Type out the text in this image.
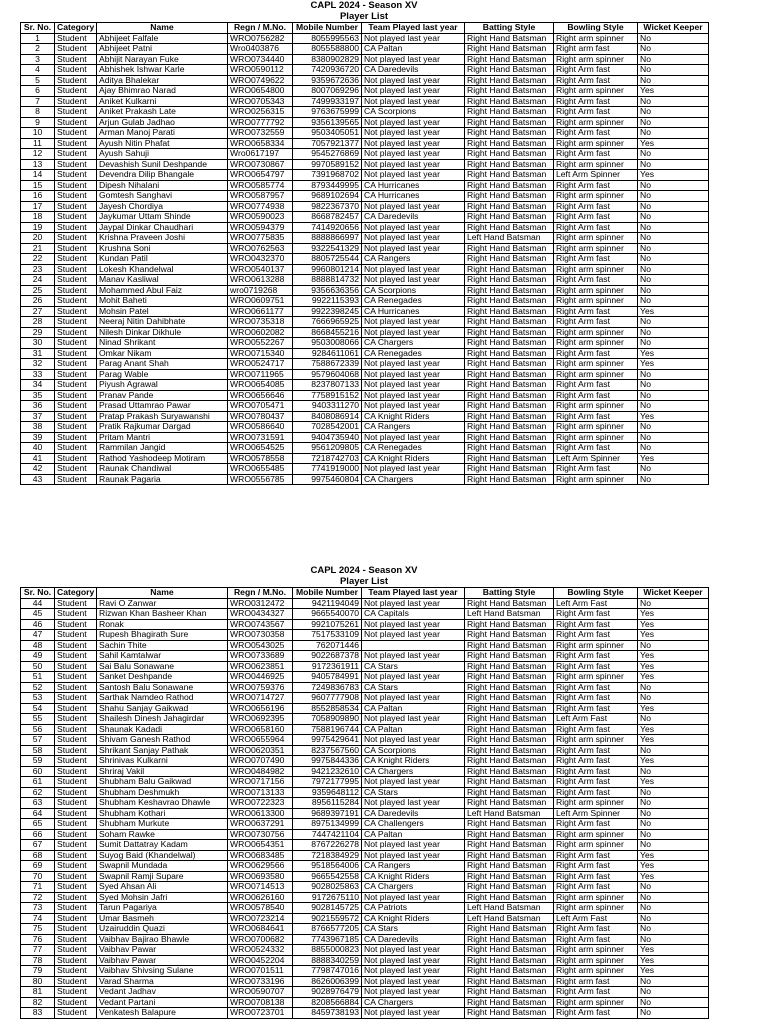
CAPL 2024 - Season XV
Player List
Sr. No.	Category	Name	Regn / M.No.	Mobile Number	Team Played last year	Batting Style	Bowling Style	Wicket Keeper
1	Student	Abhijeet Falfale	WRO0756282	8055995563	Not played last year	Right Hand Batsman	Right arm spinner	No
2	Student	Abhijeet Patni	Wro0403876	8055588800	CA Paltan	Right Hand Batsman	Right arm fast	No
3	Student	Abhijit Narayan Fuke	WRO0734440	8380902829	Not played last year	Right Hand Batsman	Right arm spinner	No
4	Student	Abhishek Ishwar Karle	WRO0590112	7420936720	CA Daredevils	Right Hand Batsman	Right Arm fast	No
5	Student	Aditya Bhalekar	WRO0749622	9359672636	Not played last year	Right Hand Batsman	Right Arm fast	No
6	Student	Ajay Bhimrao Narad	WRO0654800	8007069296	Not played last year	Right Hand Batsman	Right arm spinner	Yes
7	Student	Aniket Kulkarni	WRO0705343	7499933197	Not played last year	Right Hand Batsman	Right Arm fast	No
8	Student	Aniket Prakash Late	WRO0256315	9763675999	CA Scorpions	Right Hand Batsman	Right Arm fast	No
9	Student	Arjun Gulab Jadhao	WRO0777792	9356139565	Not played last year	Right Hand Batsman	Right arm spinner	No
10	Student	Arman Manoj Parati	WRO0732559	9503405051	Not played last year	Right Hand Batsman	Right Arm fast	No
11	Student	Ayush Nitin Phafat	WRO0658334	7057921377	Not played last year	Right Hand Batsman	Right arm spinner	Yes
12	Student	Ayush Sahuji	Wro0617197	9545276869	Not played last year	Right Hand Batsman	Right Arm fast	No
13	Student	Devashish Sunil Deshpande	WRO0730867	9970589152	Not played last year	Right Hand Batsman	Right arm spinner	No
14	Student	Devendra Dilip Bhangale	WRO0654797	7391968702	Not played last year	Right Hand Batsman	Left Arm Spinner	Yes
15	Student	Dipesh Nihalani	WRO0585774	8793449995	CA Hurricanes	Right Hand Batsman	Right Arm fast	No
16	Student	Gomtesh Sanghavi	WRO0587957	9689102694	CA Hurricanes	Right Hand Batsman	Right arm spinner	No
17	Student	Jayesh Chordiya	WRO0774938	9822367370	Not played last year	Right Hand Batsman	Right Arm fast	No
18	Student	Jaykumar Uttam Shinde	WRO0590023	8668782457	CA Daredevils	Right Hand Batsman	Right Arm fast	No
19	Student	Jaypal Dinkar Chaudhari	WRO0594379	7414920656	Not played last year	Right Hand Batsman	Right Arm fast	No
20	Student	Krishna Praveen Joshi	WRO0775835	8888866997	Not played last year	Left Hand Batsman	Right arm spinner	No
21	Student	Krushna Soni	WRO0762563	9322541329	Not played last year	Right Hand Batsman	Right arm spinner	No
22	Student	Kundan Patil	WRO0432370	8805725544	CA Rangers	Right Hand Batsman	Right Arm fast	No
23	Student	Lokesh Khandelwal	WRO0540137	9960801214	Not played last year	Right Hand Batsman	Right arm spinner	No
24	Student	Manav Kasliwal	WRO0613288	8888814732	Not played last year	Right Hand Batsman	Right Arm fast	No
25	Student	Mohammed Abul Faiz	wro0719268	9356636356	CA Scorpions	Right Hand Batsman	Right arm spinner	No
26	Student	Mohit Baheti	WRO0609751	9922115393	CA Renegades	Right Hand Batsman	Right arm spinner	No
27	Student	Mohsin Patel	WRO0661177	9922398245	CA Hurricanes	Right Hand Batsman	Right Arm fast	Yes
28	Student	Neeraj Nitin Dahibhate	WRO0735318	7666965925	Not played last year	Right Hand Batsman	Right Arm fast	No
29	Student	Nilesh Dinkar Dikhule	WRO0602082	8668455216	Not played last year	Right Hand Batsman	Right arm spinner	No
30	Student	Ninad Shrikant	WRO0552267	9503008066	CA Chargers	Right Hand Batsman	Right arm spinner	No
31	Student	Omkar Nikam	WRO0715340	9284611061	CA Renegades	Right Hand Batsman	Right Arm fast	Yes
32	Student	Parag Anant Shah	WRO0524717	7588672339	Not played last year	Right Hand Batsman	Right arm spinner	Yes
33	Student	Parag Wable	WRO0711965	9579604068	Not played last year	Right Hand Batsman	Right arm spinner	No
34	Student	Piyush Agrawal	WRO0654085	8237807133	Not played last year	Right Hand Batsman	Right Arm fast	No
35	Student	Pranav Pande	WRO0656646	7758915152	Not played last year	Right Hand Batsman	Right Arm fast	No
36	Student	Prasad Uttamrao Pawar	WRO0705471	9403311270	Not played last year	Right Hand Batsman	Right arm spinner	No
37	Student	Pratap Prakash Suryawanshi	WRO0780437	8408086914	CA Knight Riders	Right Hand Batsman	Right Arm fast	Yes
38	Student	Pratik Rajkumar Dargad	WRO0586640	7028542001	CA Rangers	Right Hand Batsman	Right arm spinner	No
39	Student	Pritam Mantri	WRO0731591	9404735940	Not played last year	Right Hand Batsman	Right arm spinner	No
40	Student	Rammilan Jangid	WRO0654525	9561209805	CA Renegades	Right Hand Batsman	Right Arm fast	No
41	Student	Rathod Yashodeep Motiram	WRO0578558	7218742703	CA Knight Riders	Right Hand Batsman	Left Arm Spinner	Yes
42	Student	Raunak Chandiwal	WRO0655485	7741919000	Not played last year	Right Hand Batsman	Right Arm fast	No
43	Student	Raunak Pagaria	WRO0556785	9975460804	CA Chargers	Right Hand Batsman	Right arm spinner	No
CAPL 2024 - Season XV
Player List
Sr. No.	Category	Name	Regn / M.No.	Mobile Number	Team Played last year	Batting Style	Bowling Style	Wicket Keeper
44	Student	Ravi O Zanwar	WRO0312472	9421194049	Not played last year	Right Hand Batsman	Left Arm Fast	No
45	Student	Rizwan Khan Basheer Khan	WRO0434327	9665540070	CA Capitals	Left Hand Batsman	Right Arm fast	Yes
46	Student	Ronak	WRO0743567	9921075261	Not played last year	Right Hand Batsman	Right Arm fast	Yes
47	Student	Rupesh Bhagirath Sure	WRO0730358	7517533109	Not played last year	Right Hand Batsman	Right Arm fast	Yes
48	Student	Sachin Thite	WRO0543025	762071446		Right Hand Batsman	Right arm spinner	No
49	Student	Sahil Kamtalwar	WRO0733689	9022687378	Not played last year	Right Hand Batsman	Right Arm fast	Yes
50	Student	Sai Balu Sonawane	WRO0623851	9172361911	CA Stars	Right Hand Batsman	Right Arm fast	Yes
51	Student	Sanket Deshpande	WRO0446925	9405784991	Not played last year	Right Hand Batsman	Right arm spinner	Yes
52	Student	Santosh Balu Sonawane	WRO0759376	7249836783	CA Stars	Right Hand Batsman	Right Arm fast	No
53	Student	Sarthak Namdeo Rathod	WRO0714727	9607777908	Not played last year	Right Hand Batsman	Right Arm fast	No
54	Student	Shahu Sanjay Gaikwad	WRO0656196	8552858534	CA Paltan	Right Hand Batsman	Right Arm fast	Yes
55	Student	Shailesh Dinesh Jahagirdar	WRO0692395	7058909890	Not played last year	Right Hand Batsman	Left Arm Fast	No
56	Student	Shaunak Kadadi	WRO0658160	7588196744	CA Paltan	Right Hand Batsman	Right Arm fast	Yes
57	Student	Shivam Ganesh Rathod	WRO0655964	9975429641	Not played last year	Right Hand Batsman	Right arm spinner	Yes
58	Student	Shrikant Sanjay Pathak	WRO0620351	8237567560	CA Scorpions	Right Hand Batsman	Right Arm fast	No
59	Student	Shrinivas Kulkarni	WRO0707490	9975844336	CA Knight Riders	Right Hand Batsman	Right Arm fast	Yes
60	Student	Shriraj Vakil	WRO0484982	9421232610	CA Chargers	Right Hand Batsman	Right Arm fast	No
61	Student	Shubham Balu Gaikwad	WRO0717156	7972177995	Not played last year	Right Hand Batsman	Right Arm fast	Yes
62	Student	Shubham Deshmukh	WRO0713133	9359648112	CA Stars	Right Hand Batsman	Right Arm fast	No
63	Student	Shubham Keshavrao Dhawle	WRO0722323	8956115284	Not played last year	Right Hand Batsman	Right arm spinner	No
64	Student	Shubham Kothari	WRO0613300	9689397191	CA Daredevils	Left Hand Batsman	Left Arm Spinner	No
65	Student	Shubham Murkute	WRO0637291	8975134999	CA Challengers	Right Hand Batsman	Right Arm fast	No
66	Student	Soham Rawke	WRO0730756	7447421104	CA Paltan	Right Hand Batsman	Right arm spinner	No
67	Student	Sumit Dattatray Kadam	WRO0654351	8767226278	Not played last year	Right Hand Batsman	Right arm spinner	No
68	Student	Suyog Baid (Khandelwal)	WRO0683485	7218384929	Not played last year	Right Hand Batsman	Right Arm fast	Yes
69	Student	Swapnil Mundada	WRO0629566	9518564006	CA Rangers	Right Hand Batsman	Right Arm fast	Yes
70	Student	Swapnil Ramji Supare	WRO0693580	9665542558	CA Knight Riders	Right Hand Batsman	Right Arm fast	Yes
71	Student	Syed Ahsan Ali	WRO0714513	9028025863	CA Chargers	Right Hand Batsman	Right Arm fast	No
72	Student	Syed Mohsin Jafri	WRO0626160	9172675110	Not played last year	Right Hand Batsman	Right arm spinner	No
73	Student	Tarun Pagariya	WRO0578540	9028145725	CA Patriots	Left Hand Batsman	Right arm spinner	No
74	Student	Umar Basmeh	WRO0723214	9021559572	CA Knight Riders	Left Hand Batsman	Left Arm Fast	No
75	Student	Uzairuddin Quazi	WRO0684641	8766577205	CA Stars	Right Hand Batsman	Right Arm fast	No
76	Student	Vaibhav Bajirao Bhawle	WRO0700682	7743967185	CA Daredevils	Right Hand Batsman	Right Arm fast	No
77	Student	Vaibhav Pawar	WRO0524332	8855000823	Not played last year	Right Hand Batsman	Right arm spinner	Yes
78	Student	Vaibhav Pawar	WRO0452204	8888340259	Not played last year	Right Hand Batsman	Right arm spinner	Yes
79	Student	Vaibhav Shivsing Sulane	WRO0701511	7798747016	Not played last year	Right Hand Batsman	Right arm spinner	Yes
80	Student	Varad Sharma	WRO0733196	8626006399	Not played last year	Right Hand Batsman	Right arm fast	No
81	Student	Vedant Jadhav	WRO0590707	9028976479	Not played last year	Right Hand Batsman	Right Arm fast	No
82	Student	Vedant Partani	WRO0708138	8208566884	CA Chargers	Right Hand Batsman	Right arm spinner	No
83	Student	Venkatesh Balapure	WRO0723701	8459738193	Not played last year	Right Hand Batsman	Right Arm fast	No
